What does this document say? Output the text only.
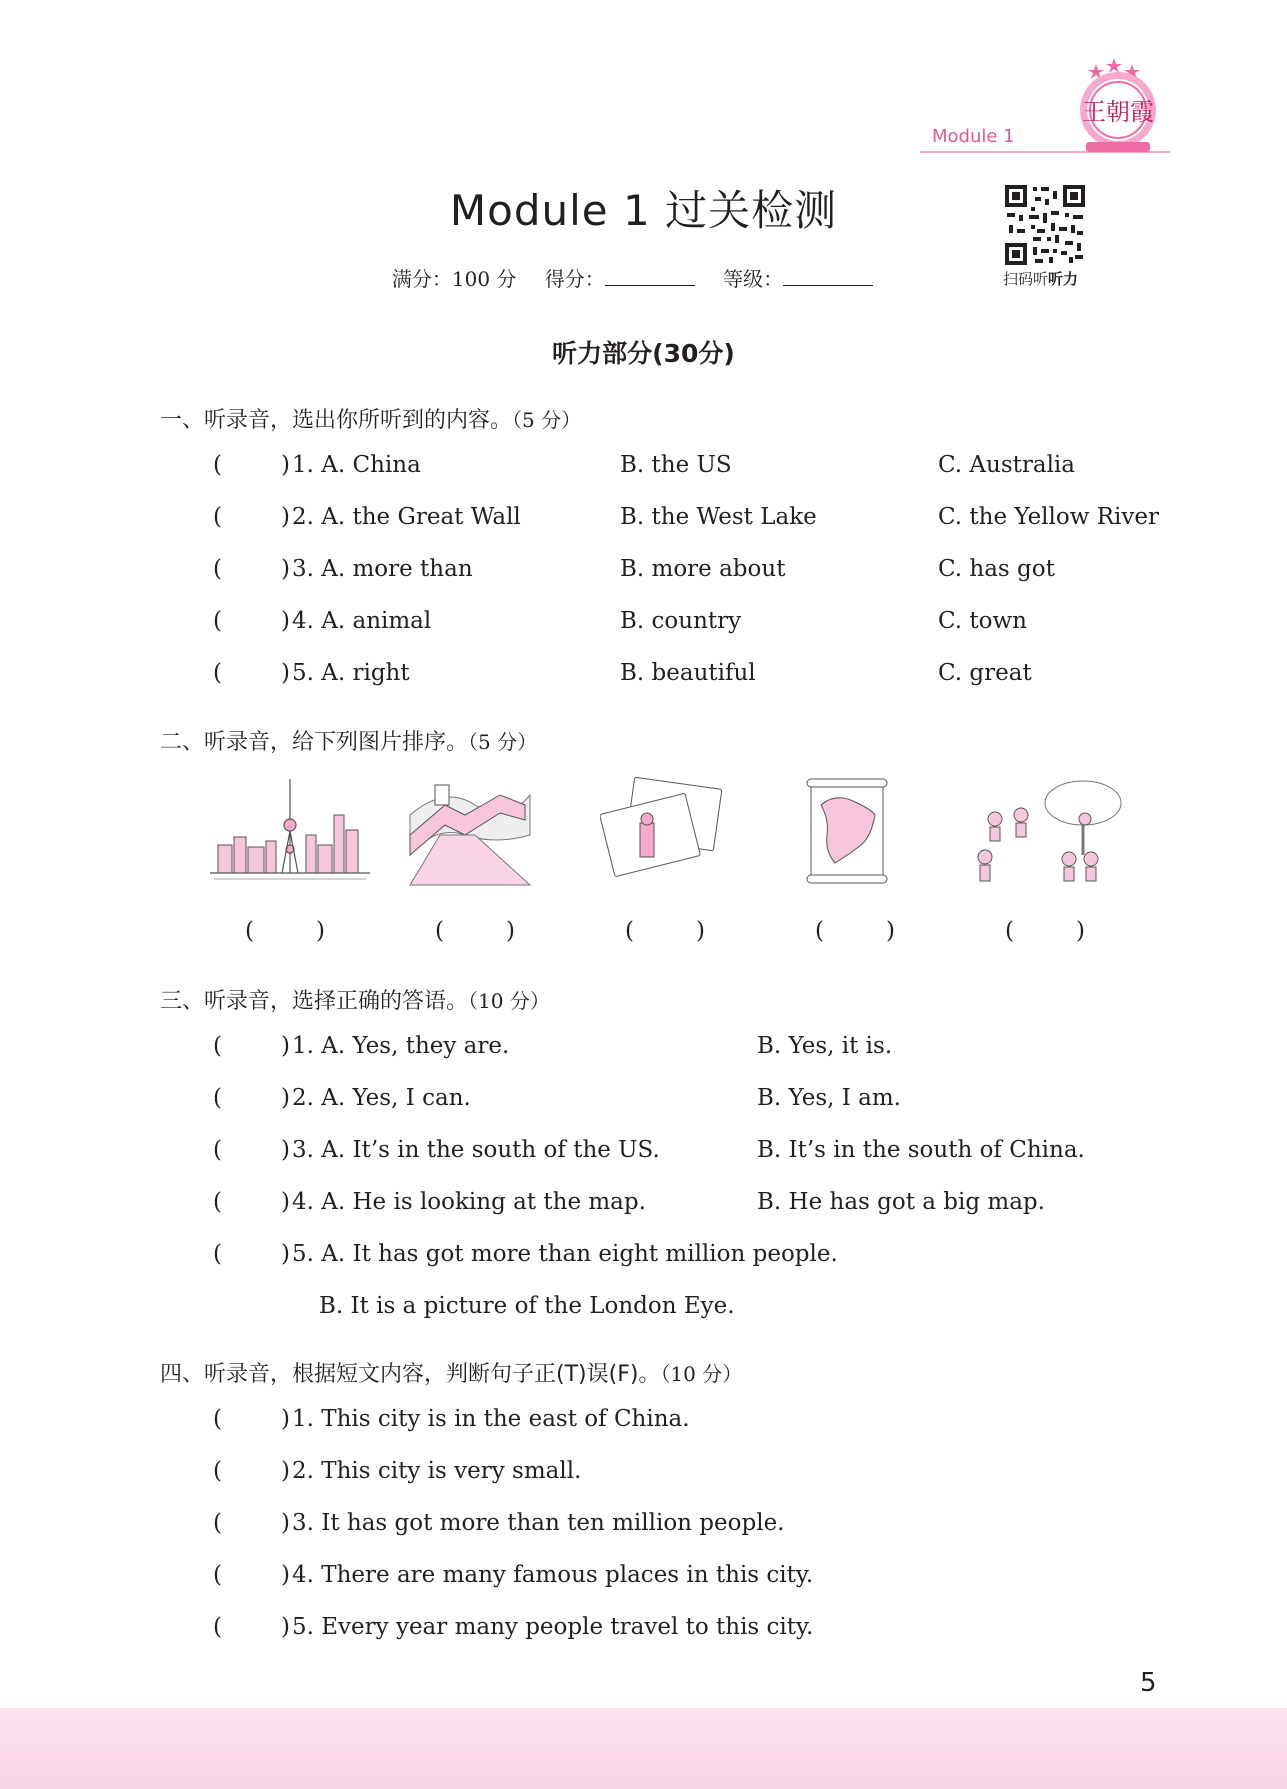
Module 1
王朝霞
Module 1 过关检测
扫码听听力
满分：100 分 得分：	等级：
听力部分(30分)
一、听录音，选出你所听到的内容。（5 分）
(	) 1. A. China	B. the US	C. Australia
(	) 2. A. the Great Wall	B. the West Lake	C. the Yellow River
(	) 3. A. more than	B. more about	C. has got
(	) 4. A. animal	B. country	C. town
(	) 5. A. right	B. beautiful	C. great
二、听录音，给下列图片排序。（5 分）
(	)	(	)	(	)	(	)	(	)
三、听录音，选择正确的答语。（10 分）
(	) 1. A. Yes, they are.	B. Yes, it is.
(	) 2. A. Yes, I can.	B. Yes, I am.
(	) 3. A. It’s in the south of the US.	B. It’s in the south of China.
(	) 4. A. He is looking at the map.	B. He has got a big map.
(	) 5. A. It has got more than eight million people.
B. It is a picture of the London Eye.
四、听录音，根据短文内容，判断句子正(T)误(F)。（10 分）
(	) 1. This city is in the east of China.
(	) 2. This city is very small.
(	) 3. It has got more than ten million people.
(	) 4. There are many famous places in this city.
(	) 5. Every year many people travel to this city.
5
